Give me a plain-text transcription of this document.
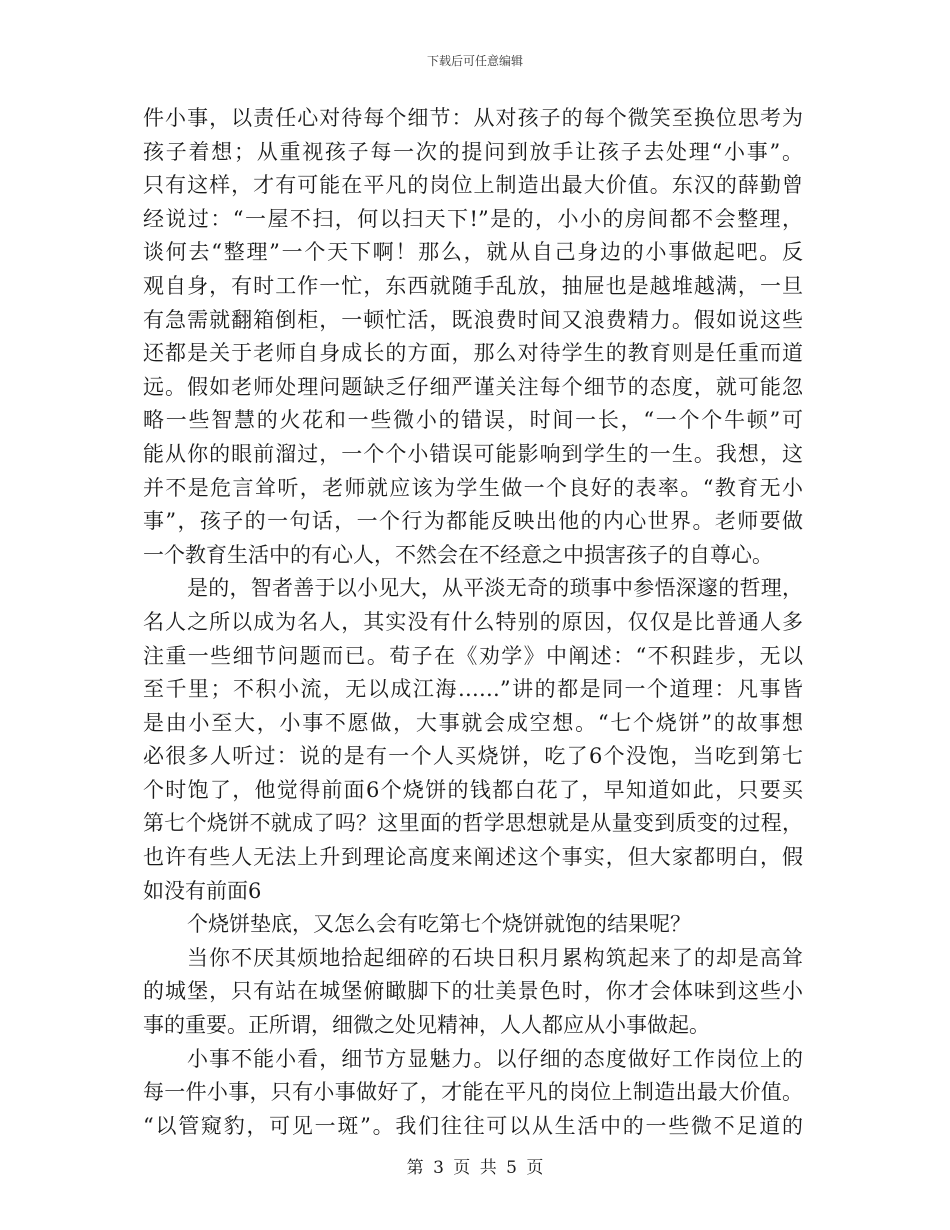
下载后可任意编辑
件小事，以责任心对待每个细节：从对孩子的每个微笑至换位思考为
孩子着想；从重视孩子每一次的提问到放手让孩子去处理“小事”。
只有这样，才有可能在平凡的岗位上制造出最大价值。东汉的薛勤曾
经说过：“一屋不扫，何以扫天下!”是的，小小的房间都不会整理，
谈何去“整理”一个天下啊！那么，就从自己身边的小事做起吧。反
观自身，有时工作一忙，东西就随手乱放，抽屉也是越堆越满，一旦
有急需就翻箱倒柜，一顿忙活，既浪费时间又浪费精力。假如说这些
还都是关于老师自身成长的方面，那么对待学生的教育则是任重而道
远。假如老师处理问题缺乏仔细严谨关注每个细节的态度，就可能忽
略一些智慧的火花和一些微小的错误，时间一长，“一个个牛顿”可
能从你的眼前溜过，一个个小错误可能影响到学生的一生。我想，这
并不是危言耸听，老师就应该为学生做一个良好的表率。“教育无小
事”，孩子的一句话，一个行为都能反映出他的内心世界。老师要做
一个教育生活中的有心人，不然会在不经意之中损害孩子的自尊心。
是的，智者善于以小见大，从平淡无奇的琐事中参悟深邃的哲理，
名人之所以成为名人，其实没有什么特别的原因，仅仅是比普通人多
注重一些细节问题而已。荀子在《劝学》中阐述：“不积跬步，无以
至千里；不积小流，无以成江海……”讲的都是同一个道理：凡事皆
是由小至大，小事不愿做，大事就会成空想。“七个烧饼”的故事想
必很多人听过：说的是有一个人买烧饼，吃了6个没饱，当吃到第七
个时饱了，他觉得前面6个烧饼的钱都白花了，早知道如此，只要买
第七个烧饼不就成了吗？这里面的哲学思想就是从量变到质变的过程，
也许有些人无法上升到理论高度来阐述这个事实，但大家都明白，假
如没有前面6
个烧饼垫底，又怎么会有吃第七个烧饼就饱的结果呢？
当你不厌其烦地拾起细碎的石块日积月累构筑起来了的却是高耸
的城堡，只有站在城堡俯瞰脚下的壮美景色时，你才会体味到这些小
事的重要。正所谓，细微之处见精神，人人都应从小事做起。
小事不能小看，细节方显魅力。以仔细的态度做好工作岗位上的
每一件小事，只有小事做好了，才能在平凡的岗位上制造出最大价值。
“以管窥豹，可见一斑”。我们往往可以从生活中的一些微不足道的
第 3 页 共 5 页
